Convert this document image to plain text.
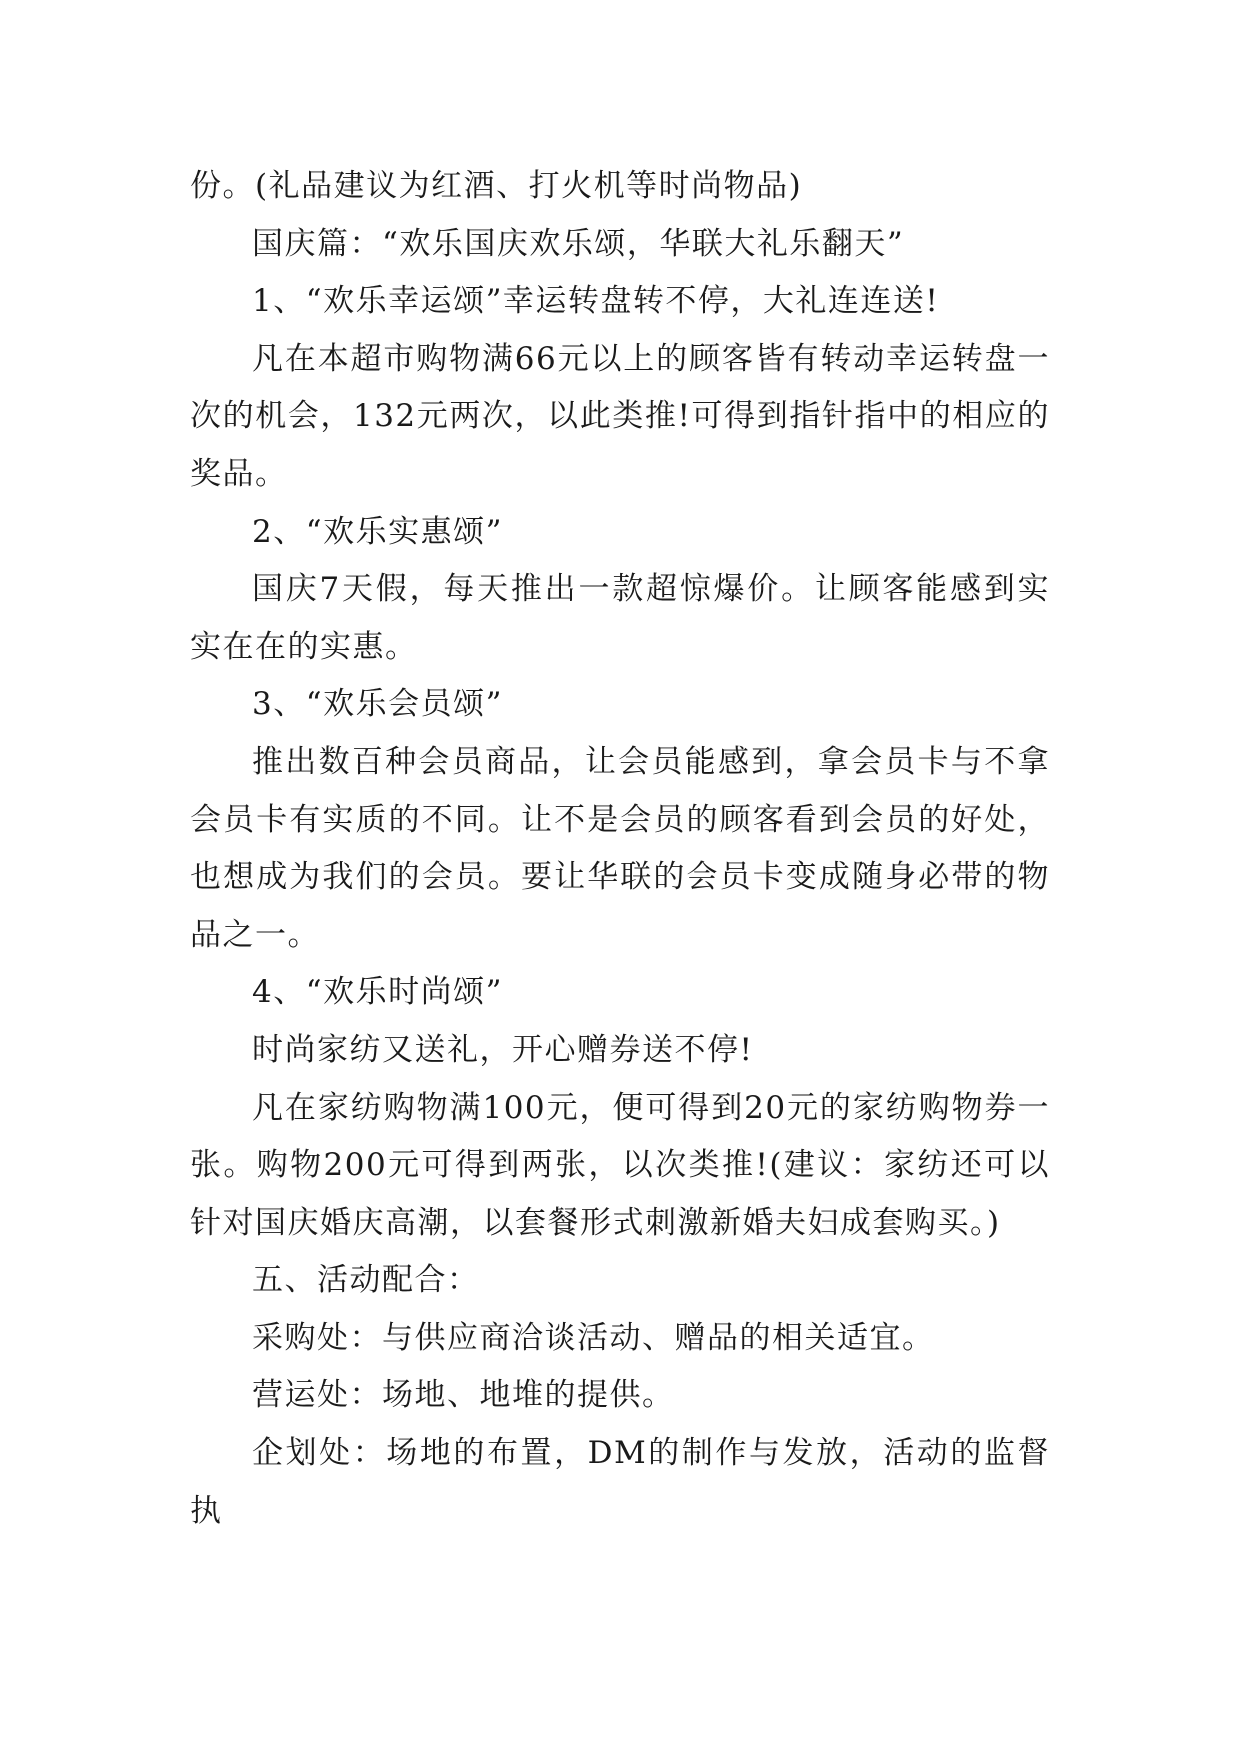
份。(礼品建议为红酒、打火机等时尚物品)

国庆篇：“欢乐国庆欢乐颂，华联大礼乐翻天”

1、“欢乐幸运颂”幸运转盘转不停，大礼连连送!

凡在本超市购物满66元以上的顾客皆有转动幸运转盘一次的机会，132元两次，以此类推!可得到指针指中的相应的奖品。

2、“欢乐实惠颂”

国庆7天假，每天推出一款超惊爆价。让顾客能感到实实在在的实惠。

3、“欢乐会员颂”

推出数百种会员商品，让会员能感到，拿会员卡与不拿会员卡有实质的不同。让不是会员的顾客看到会员的好处，也想成为我们的会员。要让华联的会员卡变成随身必带的物品之一。

4、“欢乐时尚颂”

时尚家纺又送礼，开心赠券送不停!

凡在家纺购物满100元，便可得到20元的家纺购物券一张。购物200元可得到两张，以次类推!(建议：家纺还可以针对国庆婚庆高潮，以套餐形式刺激新婚夫妇成套购买。)

五、活动配合：

采购处：与供应商洽谈活动、赠品的相关适宜。

营运处：场地、地堆的提供。

企划处：场地的布置，DM的制作与发放，活动的监督执
